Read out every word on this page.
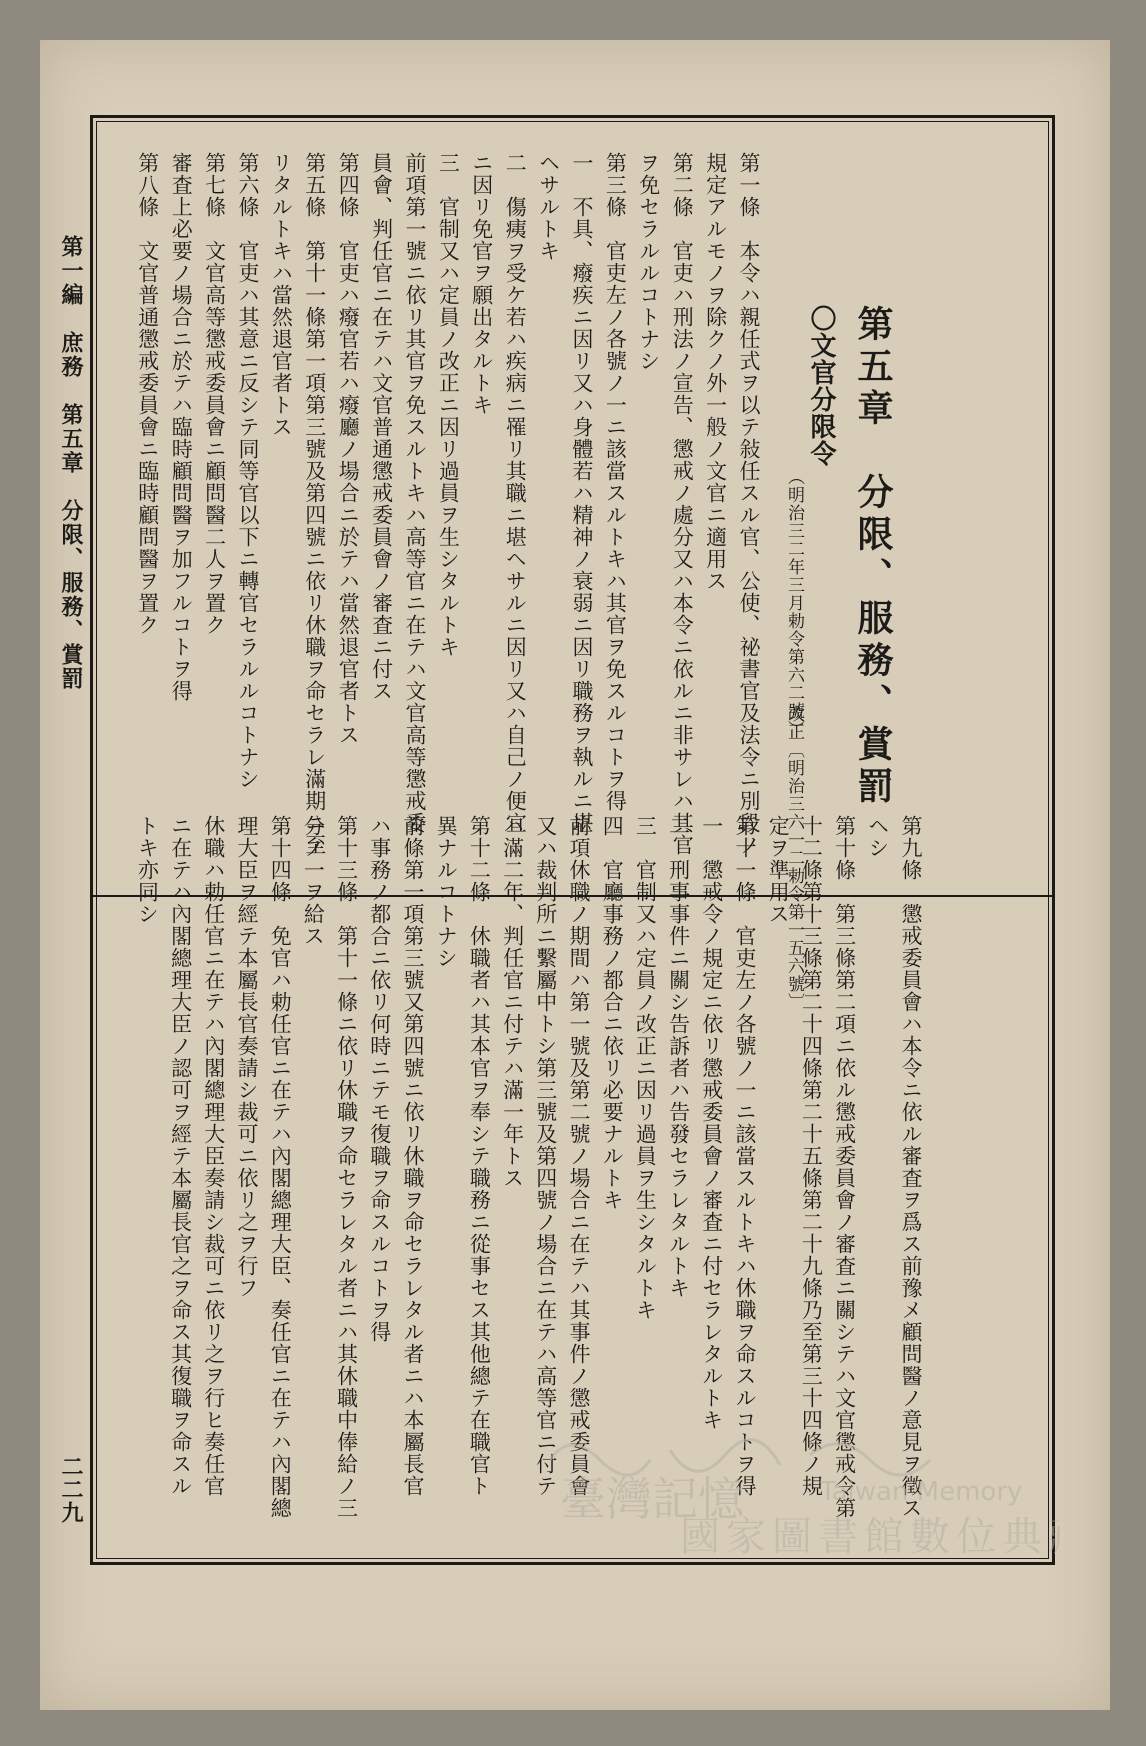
第五章　分限、服務、賞罰
〇文官分限令
（明治三二年三月勅令第六二號）
改正〔明治三六一二勅令第一五六號〕
第一條　本令ハ親任式ヲ以テ敍任スル官、公使、祕書官及法令ニ別段ノ
規定アルモノヲ除クノ外一般ノ文官ニ適用ス
第二條　官吏ハ刑法ノ宣告、懲戒ノ處分又ハ本令ニ依ルニ非サレハ其官
ヲ免セラルルコトナシ
第三條　官吏左ノ各號ノ一ニ該當スルトキハ其官ヲ免スルコトヲ得
一　不具、癈疾ニ因リ又ハ身體若ハ精神ノ衰弱ニ因リ職務ヲ執ルニ堪
ヘサルトキ
二　傷痍ヲ受ケ若ハ疾病ニ罹リ其職ニ堪ヘサルニ因リ又ハ自己ノ便宜
ニ因リ免官ヲ願出タルトキ
三　官制又ハ定員ノ改正ニ因リ過員ヲ生シタルトキ
前項第一號ニ依リ其官ヲ免スルトキハ高等官ニ在テハ文官高等懲戒委
員會、判任官ニ在テハ文官普通懲戒委員會ノ審査ニ付ス
第四條　官吏ハ癈官若ハ癈廳ノ場合ニ於テハ當然退官者トス
第五條　第十一條第一項第三號及第四號ニ依リ休職ヲ命セラレ滿期ニ至
リタルトキハ當然退官者トス
第六條　官吏ハ其意ニ反シテ同等官以下ニ轉官セラルルコトナシ
第七條　文官高等懲戒委員會ニ顧問醫二人ヲ置ク
審査上必要ノ場合ニ於テハ臨時顧問醫ヲ加フルコトヲ得
第八條　文官普通懲戒委員會ニ臨時顧問醫ヲ置ク
第九條　懲戒委員會ハ本令ニ依ル審査ヲ爲ス前豫メ顧問醫ノ意見ヲ徵ス
ヘシ
第十條　第三條第二項ニ依ル懲戒委員會ノ審査ニ關シテハ文官懲戒令第
十二條第十三條第二十四條第二十五條第二十九條乃至第三十四條ノ規
定ヲ準用ス
第十一條　官吏左ノ各號ノ一ニ該當スルトキハ休職ヲ命スルコトヲ得
一　懲戒令ノ規定ニ依リ懲戒委員會ノ審査ニ付セラレタルトキ
二　刑事事件ニ關シ告訴者ハ告發セラレタルトキ
三　官制又ハ定員ノ改正ニ因リ過員ヲ生シタルトキ
四　官廳事務ノ都合ニ依リ必要ナルトキ
前項休職ノ期間ハ第一號及第二號ノ場合ニ在テハ其事件ノ懲戒委員會
又ハ裁判所ニ繫屬中トシ第三號及第四號ノ場合ニ在テハ高等官ニ付テ
ハ滿二年、判任官ニ付テハ滿一年トス
第十二條　休職者ハ其本官ヲ奉シテ職務ニ從事セス其他總テ在職官ト
異ナルコトナシ
前條第一項第三號又第四號ニ依リ休職ヲ命セラレタル者ニハ本屬長官
ハ事務ノ都合ニ依リ何時ニテモ復職ヲ命スルコトヲ得
第十三條　第十一條ニ依リ休職ヲ命セラレタル者ニハ其休職中俸給ノ三
分ノ一ヲ給ス
第十四條　免官ハ勅任官ニ在テハ內閣總理大臣、奏任官ニ在テハ內閣總
理大臣ヲ經テ本屬長官奏請シ裁可ニ依リ之ヲ行フ
休職ハ勅任官ニ在テハ內閣總理大臣奏請シ裁可ニ依リ之ヲ行ヒ奏任官
ニ在テハ內閣總理大臣ノ認可ヲ經テ本屬長官之ヲ命ス其復職ヲ命スル
トキ亦同シ
第一編　庶務　第五章　分限、服務、賞罰
二二九	臺灣記憶	Taiwan Memory
國家圖書館數位典藏
